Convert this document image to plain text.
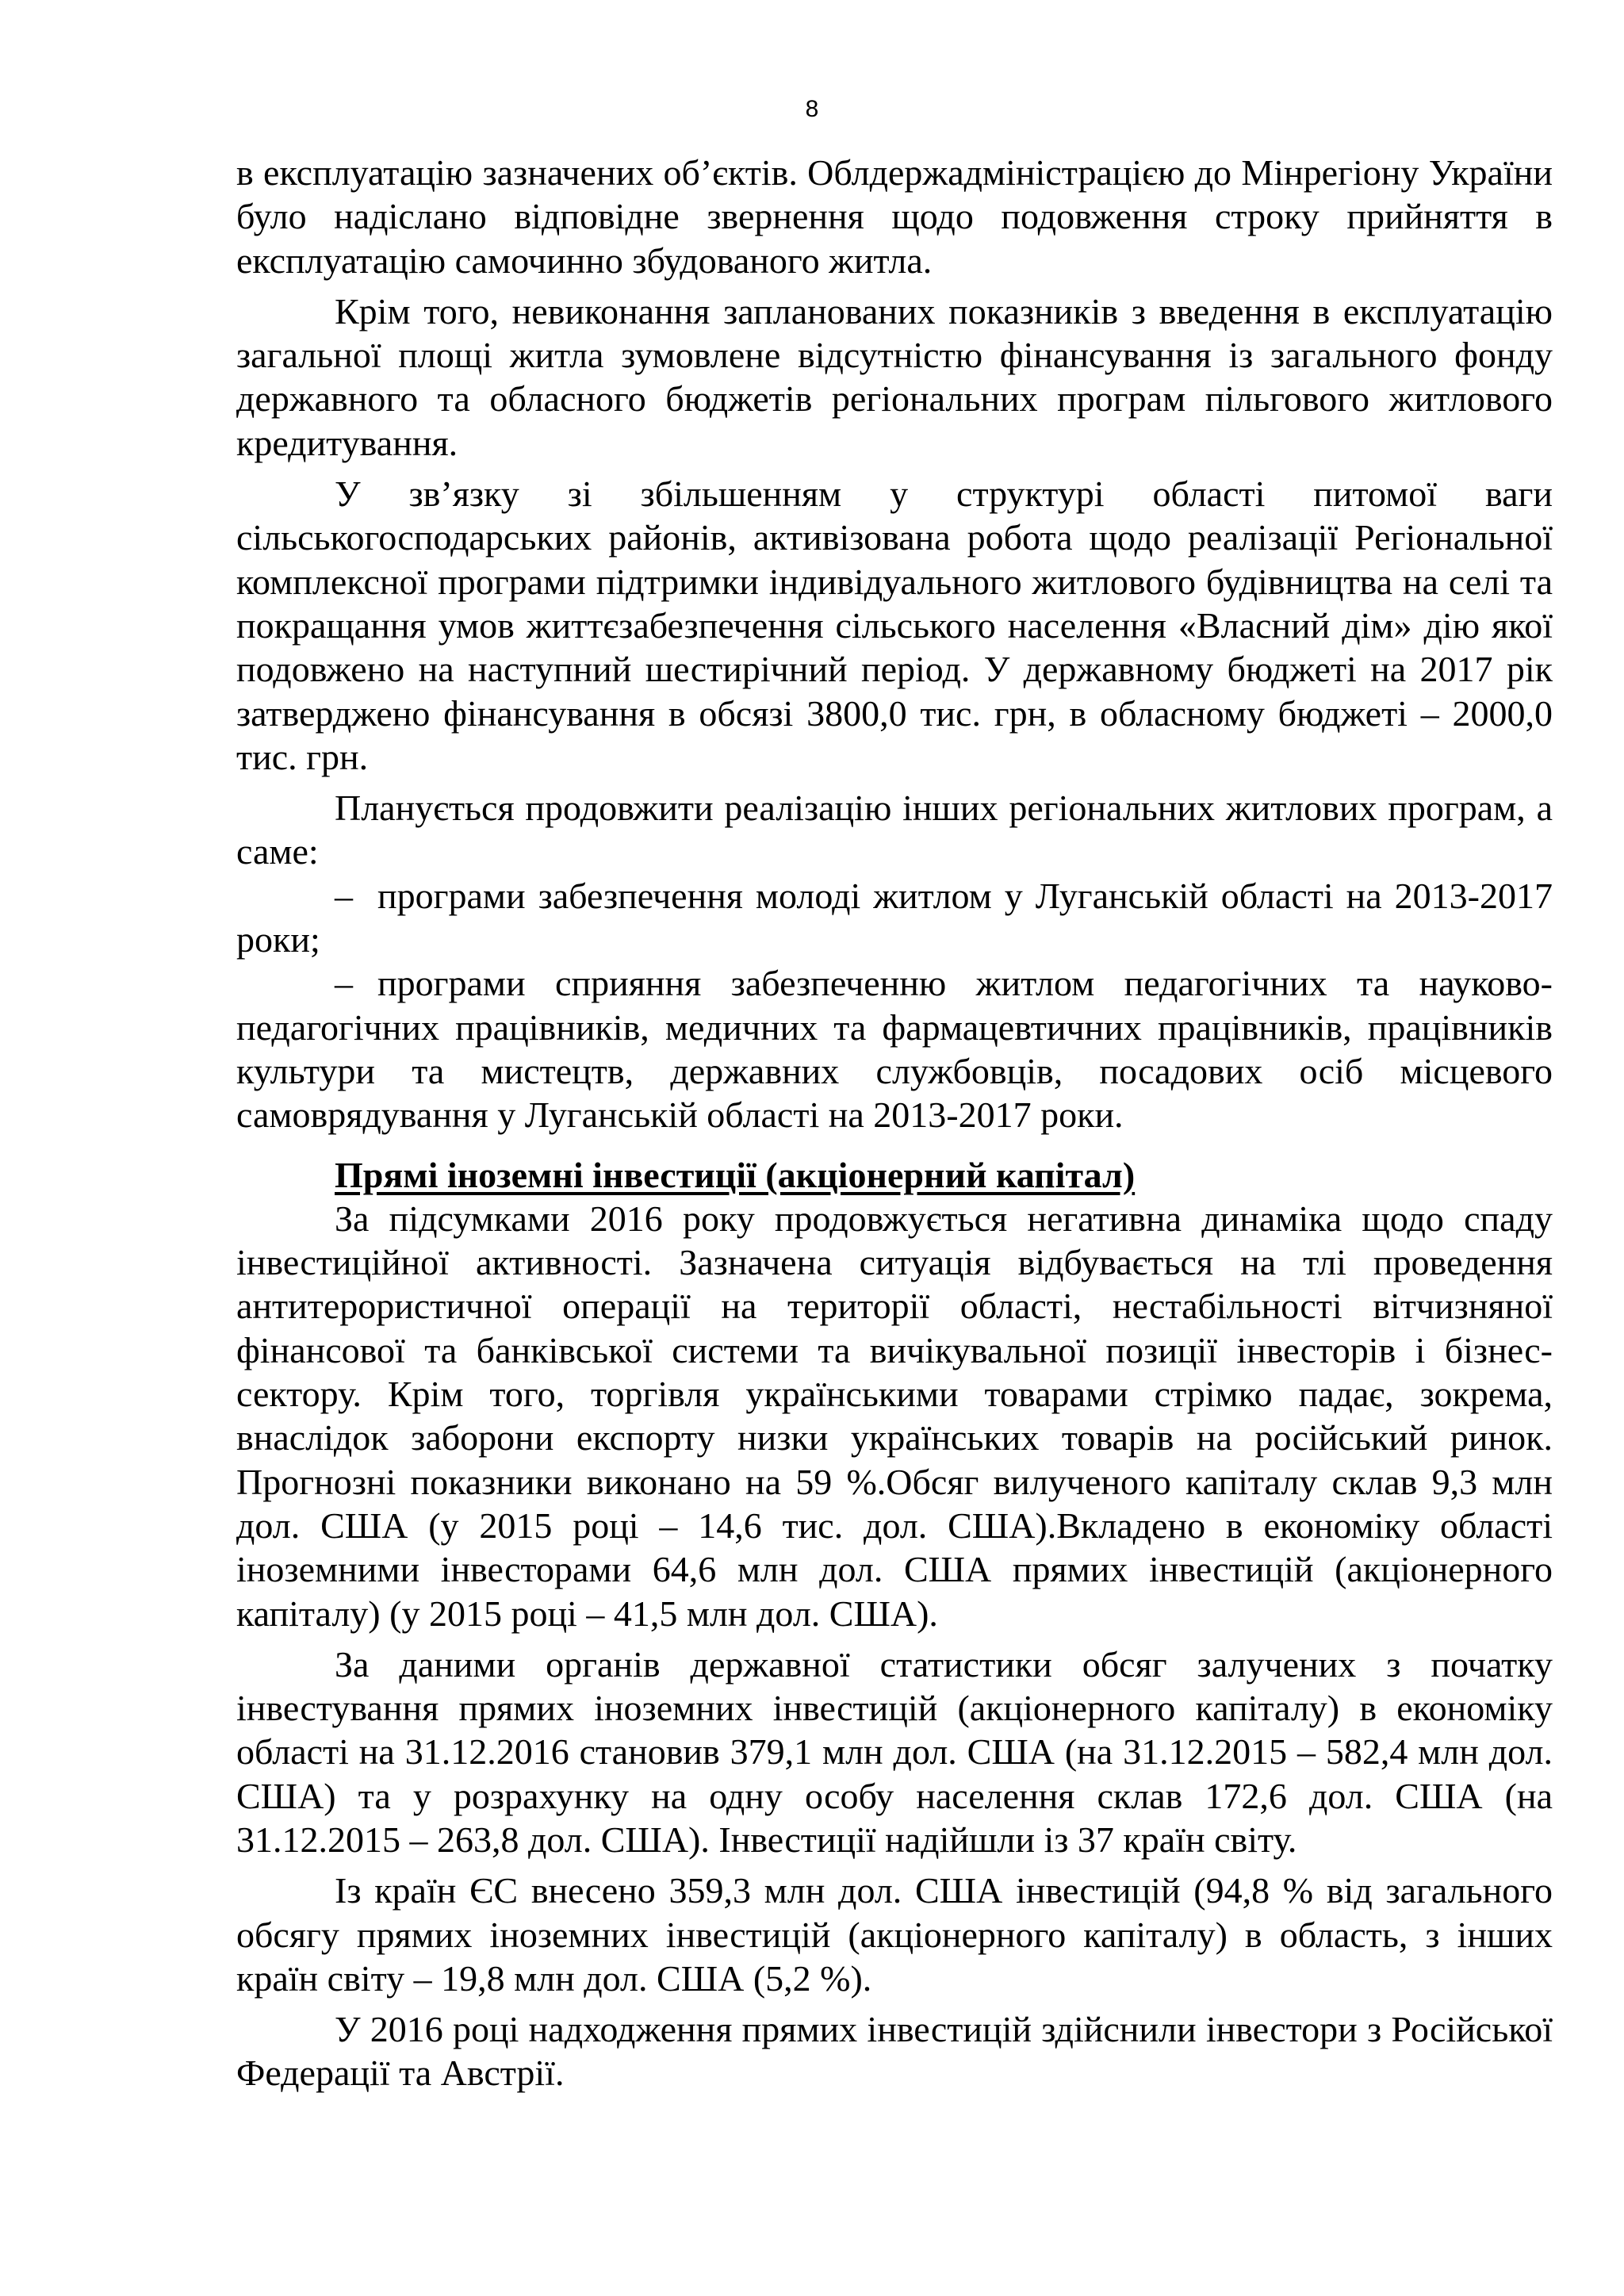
8

в експлуатацію зазначених об’єктів. Облдержадміністрацією до Мінрегіону України було надіслано відповідне звернення щодо подовження строку прийняття в експлуатацію самочинно збудованого житла.

Крім того, невиконання запланованих показників з введення в експлуатацію загальної площі житла зумовлене відсутністю фінансування із загального фонду державного та обласного бюджетів регіональних програм пільгового житлового кредитування.

У зв’язку зі збільшенням у структурі області питомої ваги сільськогосподарських районів, активізована робота щодо реалізації Регіональної комплексної програми підтримки індивідуального житлового будівництва на селі та покращання умов життєзабезпечення сільського населення «Власний дім» дію якої подовжено на наступний шестирічний період. У державному бюджеті на 2017 рік затверджено фінансування в обсязі 3800,0 тис. грн, в обласному бюджеті – 2000,0 тис. грн.

Планується продовжити реалізацію інших регіональних житлових програм, а саме:

– програми забезпечення молоді житлом у Луганській області на 2013-2017 роки;

– програми сприяння забезпеченню житлом педагогічних та науково-педагогічних працівників, медичних та фармацевтичних працівників, працівників культури та мистецтв, державних службовців, посадових осіб місцевого самоврядування у Луганській області на 2013-2017 роки.

Прямі іноземні інвестиції (акціонерний капітал)

За підсумками 2016 року продовжується негативна динаміка щодо спаду інвестиційної активності. Зазначена ситуація відбувається на тлі проведення антитерористичної операції на території області, нестабільності вітчизняної фінансової та банківської системи та вичікувальної позиції інвесторів і бізнес-сектору. Крім того, торгівля українськими товарами стрімко падає, зокрема, внаслідок заборони експорту низки українських товарів на російський ринок. Прогнозні показники виконано на 59 %.Обсяг вилученого капіталу склав 9,3 млн дол. США (у 2015 році – 14,6 тис. дол. США).Вкладено в економіку області іноземними інвесторами 64,6 млн дол. США прямих інвестицій (акціонерного капіталу) (у 2015 році – 41,5 млн дол. США).

За даними органів державної статистики обсяг залучених з початку інвестування прямих іноземних інвестицій (акціонерного капіталу) в економіку області на 31.12.2016 становив 379,1 млн дол. США (на 31.12.2015 – 582,4 млн дол. США) та у розрахунку на одну особу населення склав 172,6 дол. США (на 31.12.2015 – 263,8 дол. США). Інвестиції надійшли із 37 країн світу.

Із країн ЄС внесено 359,3 млн дол. США інвестицій (94,8 % від загального обсягу прямих іноземних інвестицій (акціонерного капіталу) в область, з інших країн світу – 19,8 млн дол. США (5,2 %).

У 2016 році надходження прямих інвестицій здійснили інвестори з Російської Федерації та Австрії.
